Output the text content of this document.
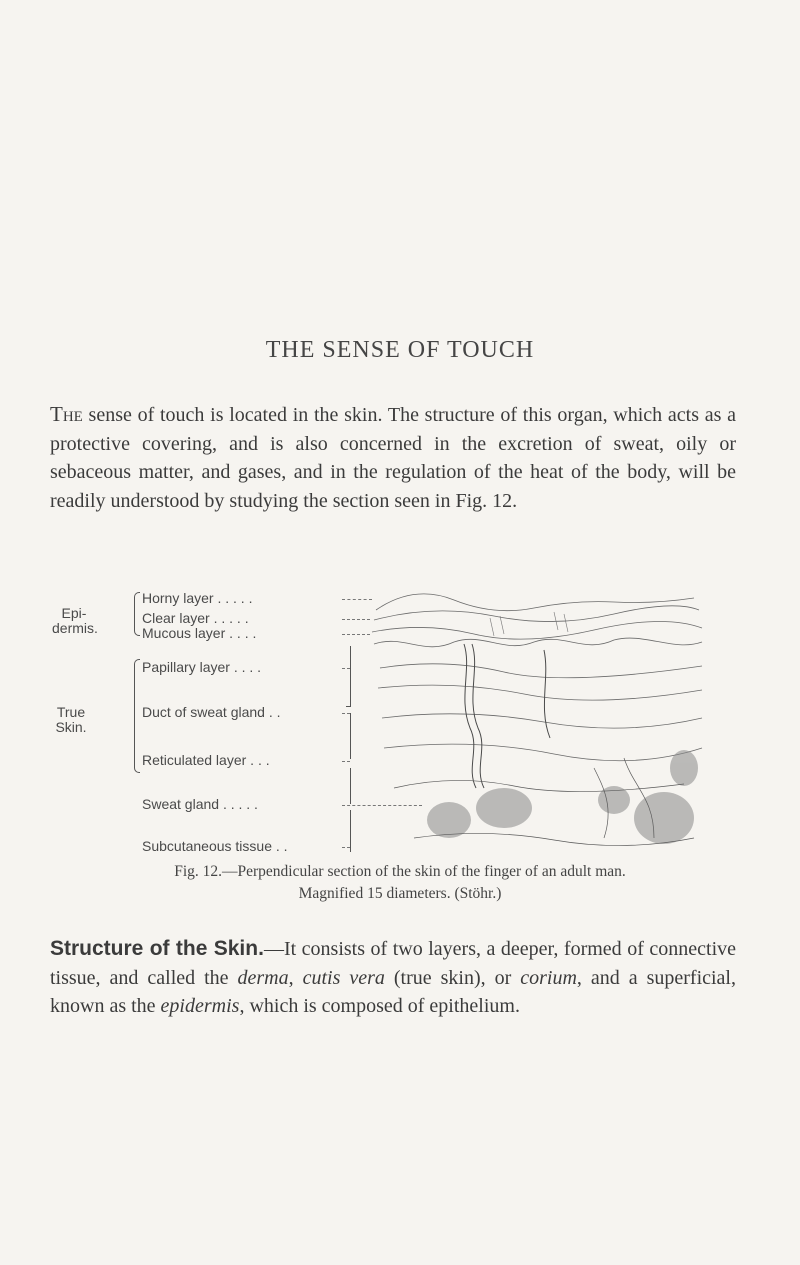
THE SENSE OF TOUCH

The sense of touch is located in the skin. The structure of this organ, which acts as a protective covering, and is also concerned in the excretion of sweat, oily or sebaceous matter, and gases, and in the regulation of the heat of the body, will be readily understood by studying the section seen in Fig. 12.

Epi-
dermis.
True
Skin.
Horny layer . . . . .
Clear layer . . . . .
Mucous layer . . . .
Papillary layer . . . .
Duct of sweat gland . .
Reticulated layer . . .
Sweat gland . . . . .
Subcutaneous tissue . .
Fig. 12.—Perpendicular section of the skin of the finger of an adult man.
Magnified 15 diameters. (Stöhr.)

Structure of the Skin.—It consists of two layers, a deeper, formed of connective tissue, and called the derma, cutis vera (true skin), or corium, and a superficial, known as the epidermis, which is composed of epithelium.
